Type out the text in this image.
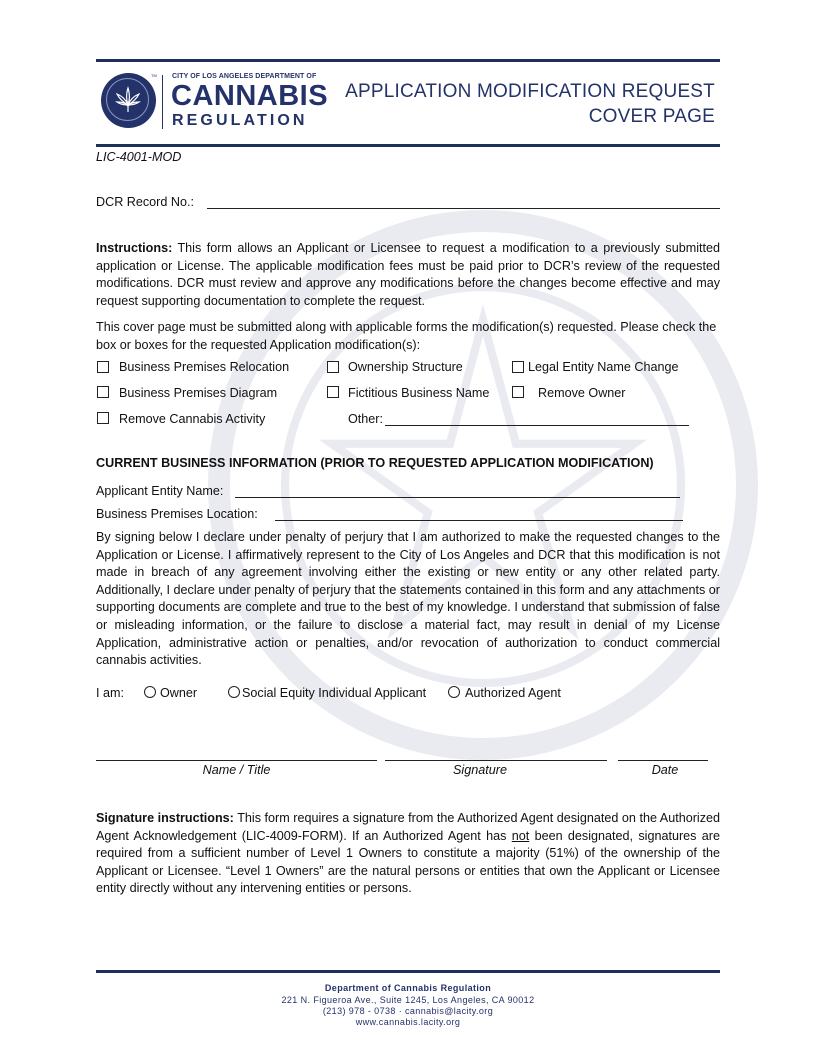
TM CITY OF LOS ANGELES DEPARTMENT OF
CANNABIS
REGULATION
APPLICATION MODIFICATION REQUEST
COVER PAGE
LIC-4001-MOD
DCR Record No.:
Instructions: This form allows an Applicant or Licensee to request a modification to a previously submitted application or License. The applicable modification fees must be paid prior to DCR’s review of the requested modifications. DCR must review and approve any modifications before the changes become effective and may request supporting documentation to complete the request.
This cover page must be submitted along with applicable forms the modification(s) requested. Please check the box or boxes for the requested Application modification(s):
Business Premises Relocation	Ownership Structure	Legal Entity Name Change
Business Premises Diagram	Fictitious Business Name	Remove Owner
Remove Cannabis Activity	Other:
CURRENT BUSINESS INFORMATION (PRIOR TO REQUESTED APPLICATION MODIFICATION)
Applicant Entity Name:
Business Premises Location:
By signing below I declare under penalty of perjury that I am authorized to make the requested changes to the Application or License. I affirmatively represent to the City of Los Angeles and DCR that this modification is not made in breach of any agreement involving either the existing or new entity or any other related party. Additionally, I declare under penalty of perjury that the statements contained in this form and any attachments or supporting documents are complete and true to the best of my knowledge. I understand that submission of false or misleading information, or the failure to disclose a material fact, may result in denial of my License Application, administrative action or penalties, and/or revocation of authorization to conduct commercial cannabis activities.
I am:	Owner	Social Equity Individual Applicant	Authorized Agent
Name / Title	Signature	Date
Signature instructions: This form requires a signature from the Authorized Agent designated on the Authorized Agent Acknowledgement (LIC-4009-FORM). If an Authorized Agent has not been designated, signatures are required from a sufficient number of Level 1 Owners to constitute a majority (51%) of the ownership of the Applicant or Licensee. “Level 1 Owners” are the natural persons or entities that own the Applicant or Licensee entity directly without any intervening entities or persons.
Department of Cannabis Regulation
221 N. Figueroa Ave., Suite 1245, Los Angeles, CA 90012
(213) 978 - 0738 · cannabis@lacity.org
www.cannabis.lacity.org
